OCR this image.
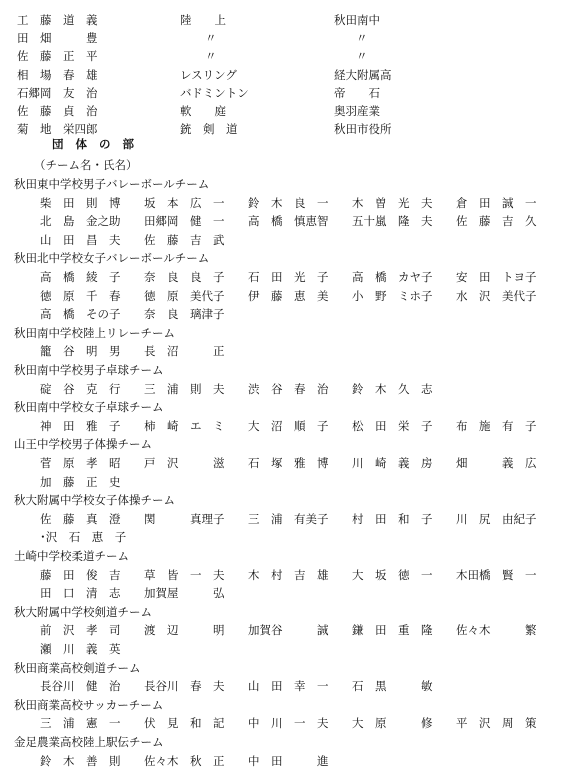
工　藤　道　義	陸　　上	秋田南中
田　畑　　　豊	〃	〃
佐　藤　正　平	〃	〃
相　場　春　雄	レスリング	経大附属高
石郷岡　友　治	バドミントン	帝　　石
佐　藤　貞　治	軟　　庭	奥羽産業
菊　地　栄四郎	銃　剣　道	秋田市役所
団 体 の 部
（チーム名・氏名）
秋田東中学校男子バレーボールチーム
柴　田　則　博 坂　本　広　一 鈴　木　良　一 木　曽　光　夫 倉　田　誠　一
北　島　金之助 田郷岡　健　一 高　橋　慎恵智 五十嵐　隆　夫 佐　藤　吉　久
山　田　昌　夫 佐　藤　吉　武
秋田北中学校女子バレーボールチーム
高　橋　綾　子 奈　良　良　子 石　田　光　子 高　橋　カヤ子 安　田　トヨ子
徳　原　千　春 徳　原　美代子 伊　藤　恵　美 小　野　ミホ子 水　沢　美代子
高　橋　その子 奈　良　璃津子
秋田南中学校陸上リレーチーム
籠　谷　明　男 長　沼　　　正
秋田南中学校男子卓球チーム
碇　谷　克　行 三　浦　則　夫 渋　谷　春　治 鈴　木　久　志
秋田南中学校女子卓球チーム
神　田　雅　子 柿　崎　エ　ミ 大　沼　順　子 松　田　栄　子 布　施　有　子
山王中学校男子体操チーム
菅　原　孝　昭 戸　沢　　　滋 石　塚　雅　博 川　崎　義　房 畑　　　義　広
加　藤　正　史
秋大附属中学校女子体操チーム
佐　藤　真　澄 関　　　真理子 三　浦　有美子 村　田　和　子 川　尻　由紀子
･沢　石　恵　子
土崎中学校柔道チーム
藤　田　俊　吉 草　皆　一　夫 木　村　吉　雄 大　坂　徳　一 木田橋　賢　一
田　口　清　志 加賀屋　　　弘
秋大附属中学校剣道チーム
前　沢　孝　司 渡　辺　　　明 加賀谷　　　誠 鎌　田　重　隆 佐々木　　　繁
瀬　川　義　英
秋田商業高校剣道チーム
長谷川　健　治 長谷川　春　夫 山　田　幸　一 石　黒　　　敏
秋田商業高校サッカーチーム
三　浦　憲　一 伏　見　和　記 中　川　一　夫 大　原　　　修 平　沢　周　策
金足農業高校陸上駅伝チーム
鈴　木　善　則 佐々木　秋　正 中　田　　　進
